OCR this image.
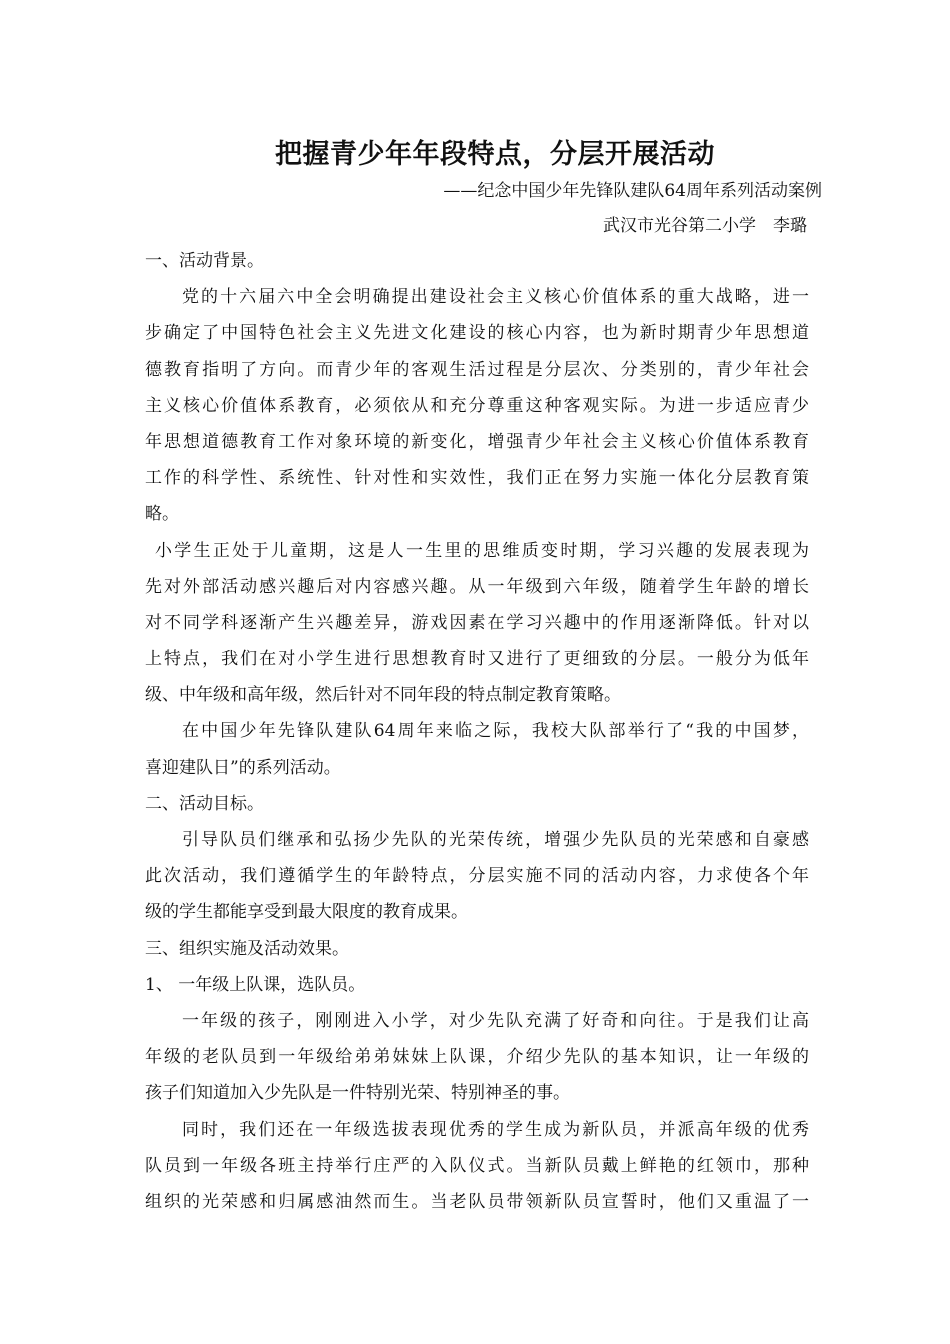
把握青少年年段特点，分层开展活动
——纪念中国少年先锋队建队64周年系列活动案例
武汉市光谷第二小学　李璐
一、活动背景。
党的十六届六中全会明确提出建设社会主义核心价值体系的重大战略，进一
步确定了中国特色社会主义先进文化建设的核心内容，也为新时期青少年思想道
德教育指明了方向。而青少年的客观生活过程是分层次、分类别的，青少年社会
主义核心价值体系教育，必须依从和充分尊重这种客观实际。为进一步适应青少
年思想道德教育工作对象环境的新变化，增强青少年社会主义核心价值体系教育
工作的科学性、系统性、针对性和实效性，我们正在努力实施一体化分层教育策
略。
小学生正处于儿童期，这是人一生里的思维质变时期，学习兴趣的发展表现为
先对外部活动感兴趣后对内容感兴趣。从一年级到六年级，随着学生年龄的增长
对不同学科逐渐产生兴趣差异，游戏因素在学习兴趣中的作用逐渐降低。针对以
上特点，我们在对小学生进行思想教育时又进行了更细致的分层。一般分为低年
级、中年级和高年级，然后针对不同年段的特点制定教育策略。
在中国少年先锋队建队64周年来临之际，我校大队部举行了“我的中国梦，
喜迎建队日”的系列活动。
二、活动目标。
引导队员们继承和弘扬少先队的光荣传统，增强少先队员的光荣感和自豪感
此次活动，我们遵循学生的年龄特点，分层实施不同的活动内容，力求使各个年
级的学生都能享受到最大限度的教育成果。
三、组织实施及活动效果。
1、 一年级上队课，选队员。
一年级的孩子，刚刚进入小学，对少先队充满了好奇和向往。于是我们让高
年级的老队员到一年级给弟弟妹妹上队课，介绍少先队的基本知识，让一年级的
孩子们知道加入少先队是一件特别光荣、特别神圣的事。
同时，我们还在一年级选拔表现优秀的学生成为新队员，并派高年级的优秀
队员到一年级各班主持举行庄严的入队仪式。当新队员戴上鲜艳的红领巾，那种
组织的光荣感和归属感油然而生。当老队员带领新队员宣誓时，他们又重温了一
